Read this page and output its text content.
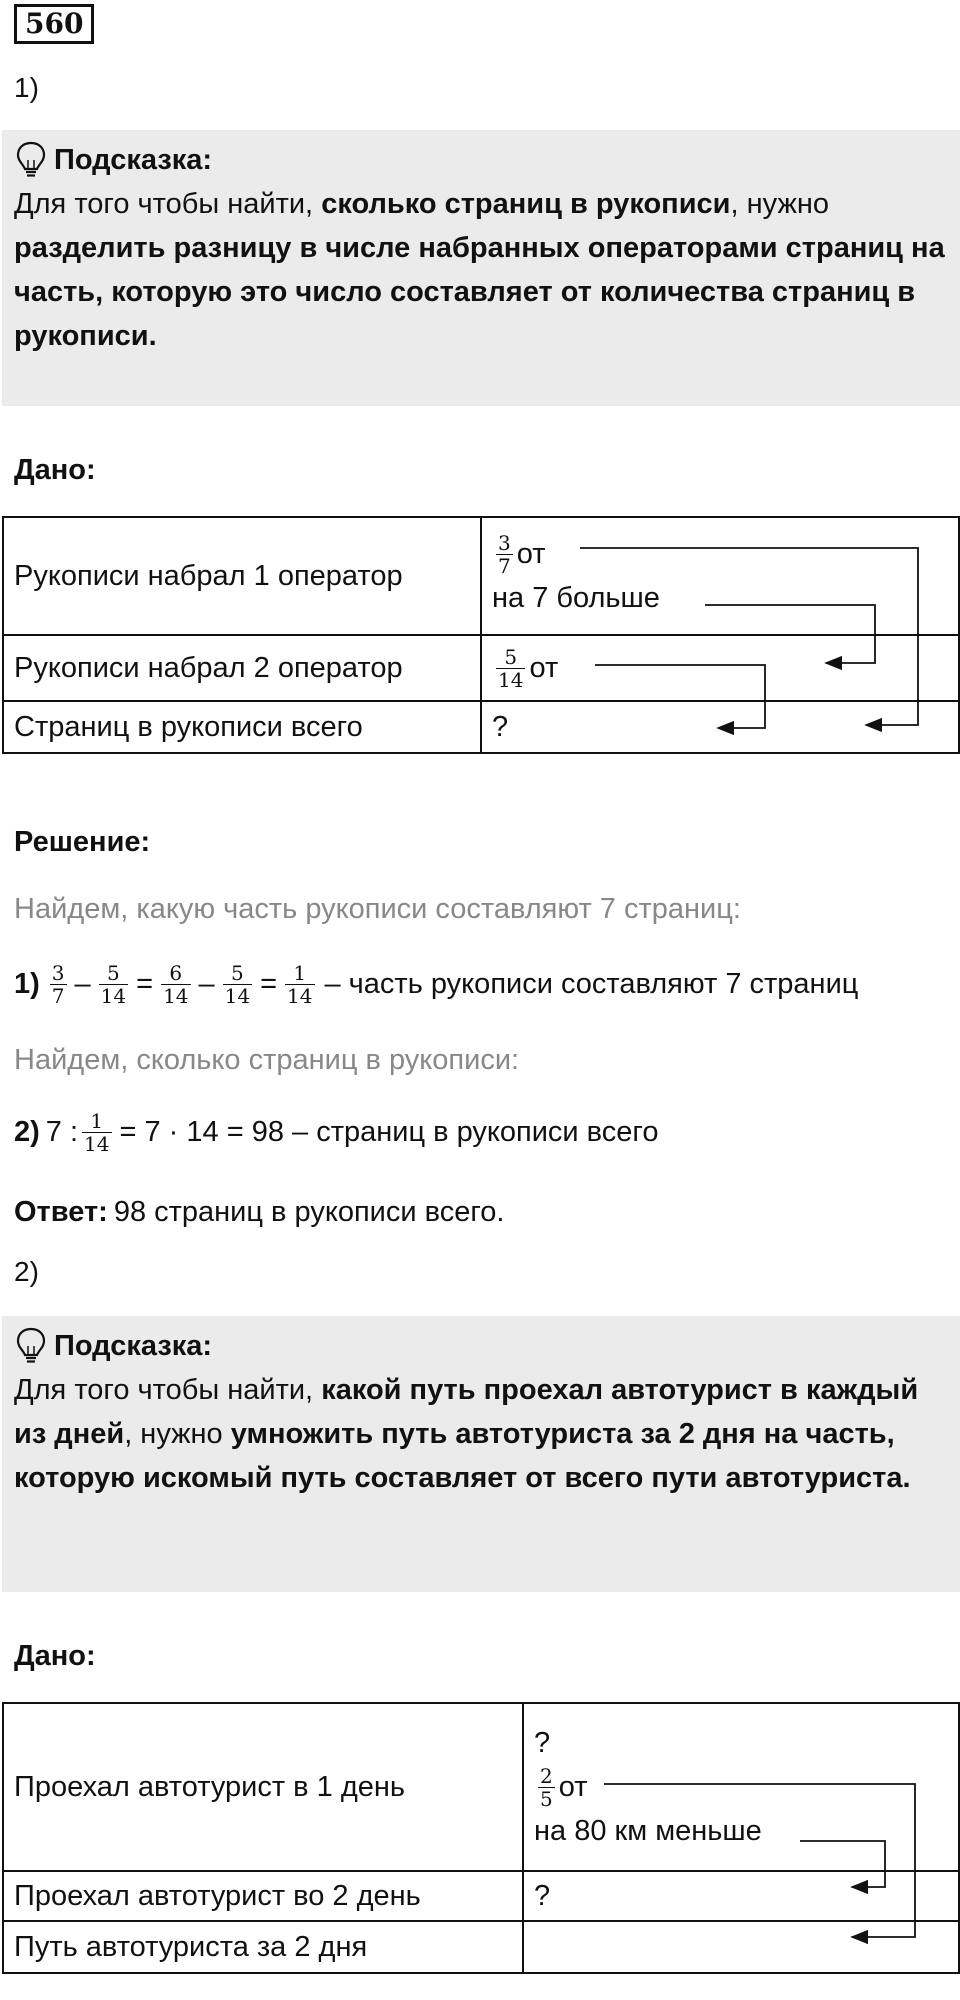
560
1)
Подсказка:
Для того чтобы найти, сколько страниц в рукописи, нужно разделить разницу в числе набранных операторами страниц на часть, которую это число составляет от количества страниц в рукописи.
Дано:
Рукописи набрал 1 оператор	$\frac{3}{7}$ от
на 7 больше

Рукописи набрал 2 оператор	$\frac{5}{14}$ от

Страниц в рукописи всего	?
Решение:
Найдем, какую часть рукописи составляют 7 страниц:
$1) \frac{3}{7} - \frac{5}{14} = \frac{6}{14} - \frac{5}{14} = \frac{1}{14}$ – часть рукописи составляют 7 страниц
Найдем, сколько страниц в рукописи:
2) 7 : $\frac{1}{14} = 7 \cdot 14 = 98$ – страниц в рукописи всего
Ответ: 98 страниц в рукописи всего.
2)
Подсказка:
Для того чтобы найти, какой путь проехал автотурист в каждый из дней, нужно умножить путь автотуриста за 2 дня на часть, которую искомый путь составляет от всего пути автотуриста.
Дано:
Проехал автотурист в 1 день	?
$\frac{2}{5}$ от
на 80 км меньше

Проехал автотурист во 2 день	?
Путь автотуриста за 2 дня	
